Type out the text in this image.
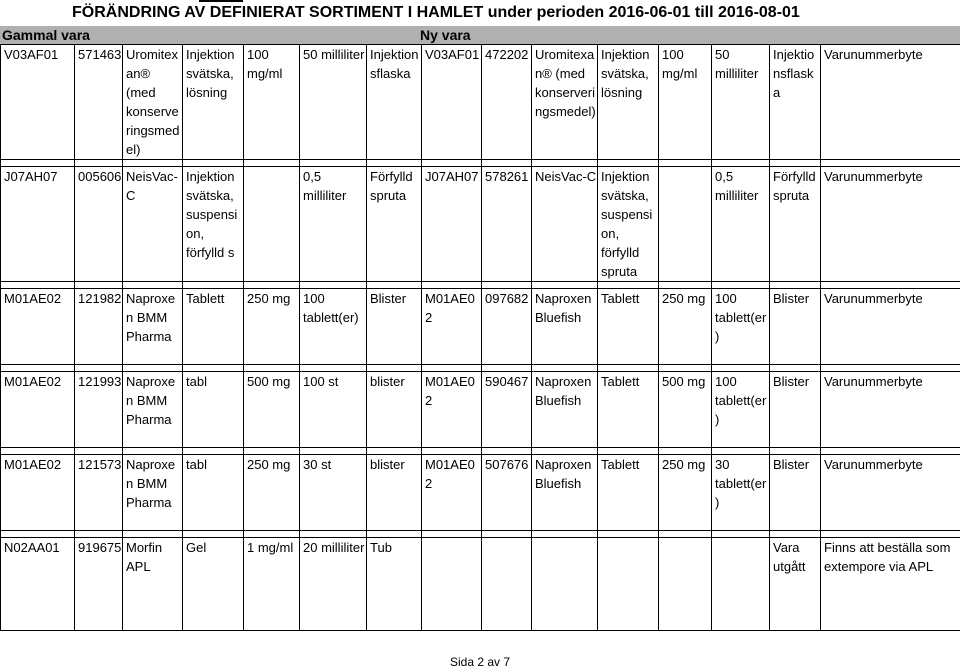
FÖRÄNDRING AV DEFINIERAT SORTIMENT I HAMLET under perioden 2016-06-01 till 2016-08-01
Gammal vara	Ny vara
V03AF01	571463	Uromitexan® (med konserveringsmedel)	Injektion svätska, lösning	100 mg/ml	50 milliliter	Injektionsflaska	V03AF01	472202	Uromitexan® (med konserveringsmedel)	Injektion svätska, lösning	100 mg/ml	50 milliliter	Injektionsflaska	Varunummerbyte

J07AH07	005606	NeisVac-C	Injektion svätska, suspension, förfylld s		0,5 milliliter	Förfylld spruta	J07AH07	578261	NeisVac-C	Injektion svätska, suspension, förfylld spruta		0,5 milliliter	Förfylld spruta	Varunummerbyte

M01AE02	121982	Naproxen BMM Pharma	Tablett	250 mg	100 tablett(er)	Blister	M01AE02	097682	Naproxen Bluefish	Tablett	250 mg	100 tablett(er)	Blister	Varunummerbyte

M01AE02	121993	Naproxen BMM Pharma	tabl	500 mg	100 st	blister	M01AE02	590467	Naproxen Bluefish	Tablett	500 mg	100 tablett(er)	Blister	Varunummerbyte

M01AE02	121573	Naproxen BMM Pharma	tabl	250 mg	30 st	blister	M01AE02	507676	Naproxen Bluefish	Tablett	250 mg	30 tablett(er)	Blister	Varunummerbyte

N02AA01	919675	Morfin APL	Gel	1 mg/ml	20 milliliter	Tub							Vara utgått	Finns att beställa som extempore via APL
Sida 2 av 7
